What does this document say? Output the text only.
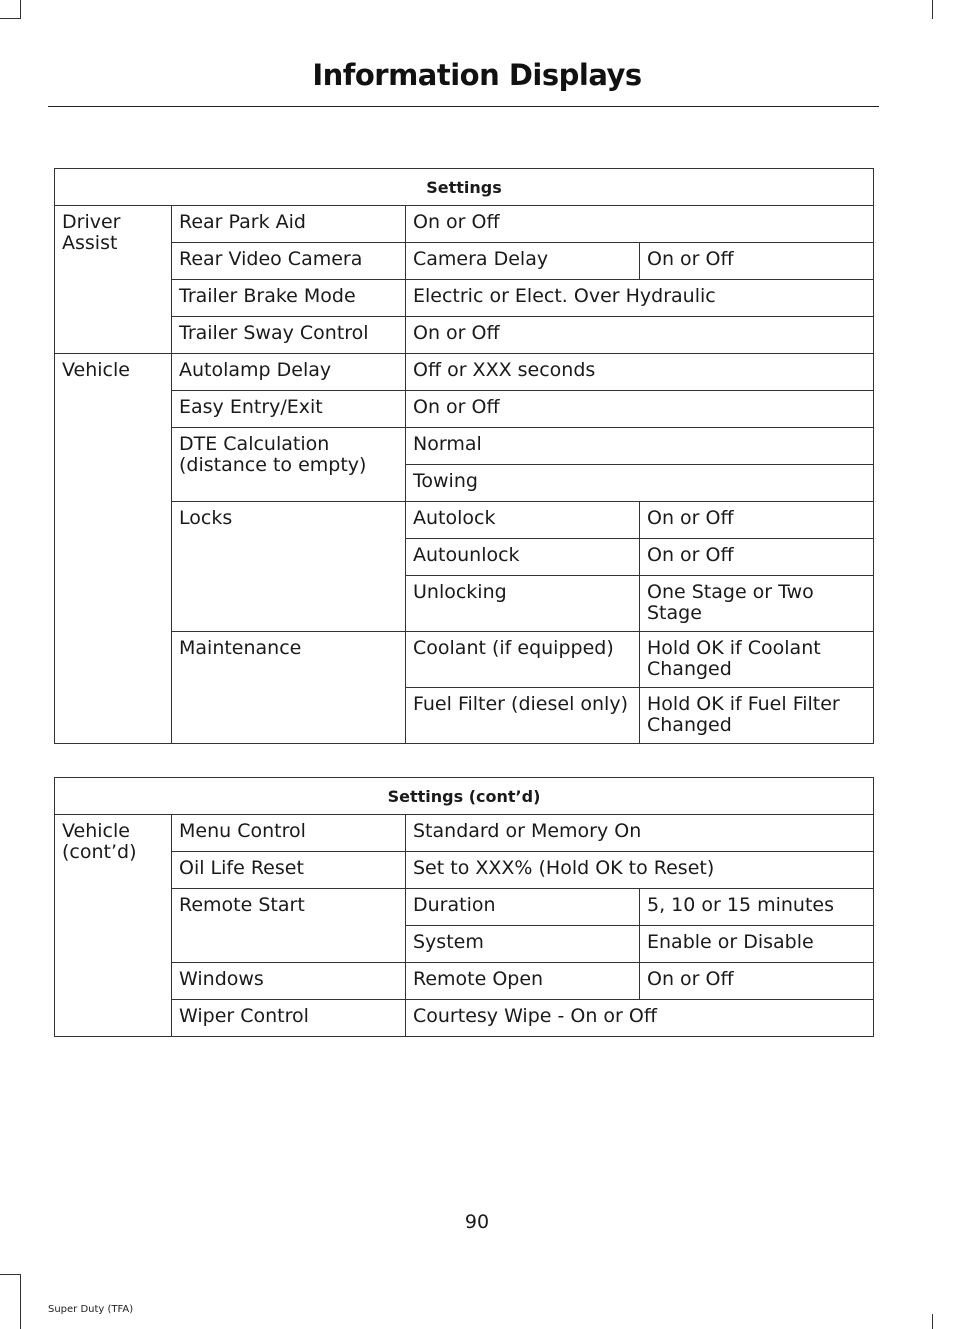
Information Displays
Settings			
Driver Assist	Rear Park Aid	On or Off	
	Rear Video Camera	Camera Delay	On or Off
	Trailer Brake Mode	Electric or Elect. Over Hydraulic	
	Trailer Sway Control	On or Off	
Vehicle	Autolamp Delay	Off or XXX seconds	
	Easy Entry/Exit	On or Off	
	DTE Calculation (distance to empty)	Normal	
		Towing	
	Locks	Autolock	On or Off
		Autounlock	On or Off
		Unlocking	One Stage or Two Stage
	Maintenance	Coolant (if equipped)	Hold OK if Coolant Changed
		Fuel Filter (diesel only)	Hold OK if Fuel Filter Changed
Settings (cont’d)			
Vehicle (cont’d)	Menu Control	Standard or Memory On	
	Oil Life Reset	Set to XXX% (Hold OK to Reset)	
	Remote Start	Duration	5, 10 or 15 minutes
		System	Enable or Disable
	Windows	Remote Open	On or Off
	Wiper Control	Courtesy Wipe - On or Off	
90
Super Duty (TFA)
